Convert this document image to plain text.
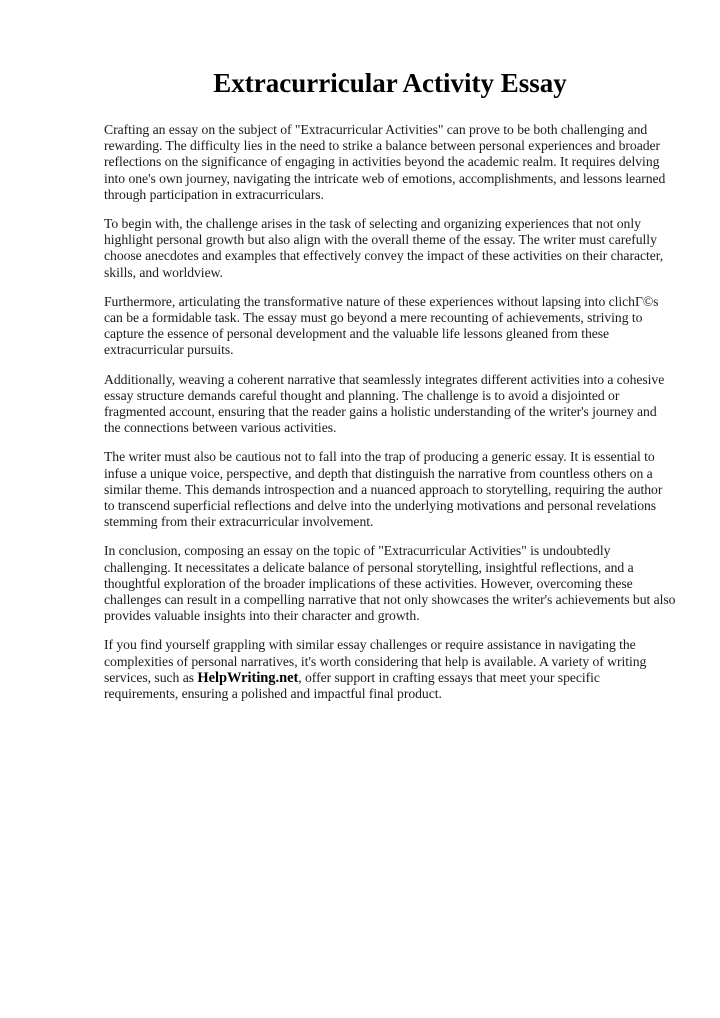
Extracurricular Activity Essay

Crafting an essay on the subject of "Extracurricular Activities" can prove to be both challenging and rewarding. The difficulty lies in the need to strike a balance between personal experiences and broader reflections on the significance of engaging in activities beyond the academic realm. It requires delving into one's own journey, navigating the intricate web of emotions, accomplishments, and lessons learned through participation in extracurriculars.

To begin with, the challenge arises in the task of selecting and organizing experiences that not only highlight personal growth but also align with the overall theme of the essay. The writer must carefully choose anecdotes and examples that effectively convey the impact of these activities on their character, skills, and worldview.

Furthermore, articulating the transformative nature of these experiences without lapsing into clichГ©s can be a formidable task. The essay must go beyond a mere recounting of achievements, striving to capture the essence of personal development and the valuable life lessons gleaned from these extracurricular pursuits.

Additionally, weaving a coherent narrative that seamlessly integrates different activities into a cohesive essay structure demands careful thought and planning. The challenge is to avoid a disjointed or fragmented account, ensuring that the reader gains a holistic understanding of the writer's journey and the connections between various activities.

The writer must also be cautious not to fall into the trap of producing a generic essay. It is essential to infuse a unique voice, perspective, and depth that distinguish the narrative from countless others on a similar theme. This demands introspection and a nuanced approach to storytelling, requiring the author to transcend superficial reflections and delve into the underlying motivations and personal revelations stemming from their extracurricular involvement.

In conclusion, composing an essay on the topic of "Extracurricular Activities" is undoubtedly challenging. It necessitates a delicate balance of personal storytelling, insightful reflections, and a thoughtful exploration of the broader implications of these activities. However, overcoming these challenges can result in a compelling narrative that not only showcases the writer's achievements but also provides valuable insights into their character and growth.

If you find yourself grappling with similar essay challenges or require assistance in navigating the complexities of personal narratives, it's worth considering that help is available. A variety of writing services, such as HelpWriting.net, offer support in crafting essays that meet your specific requirements, ensuring a polished and impactful final product.
